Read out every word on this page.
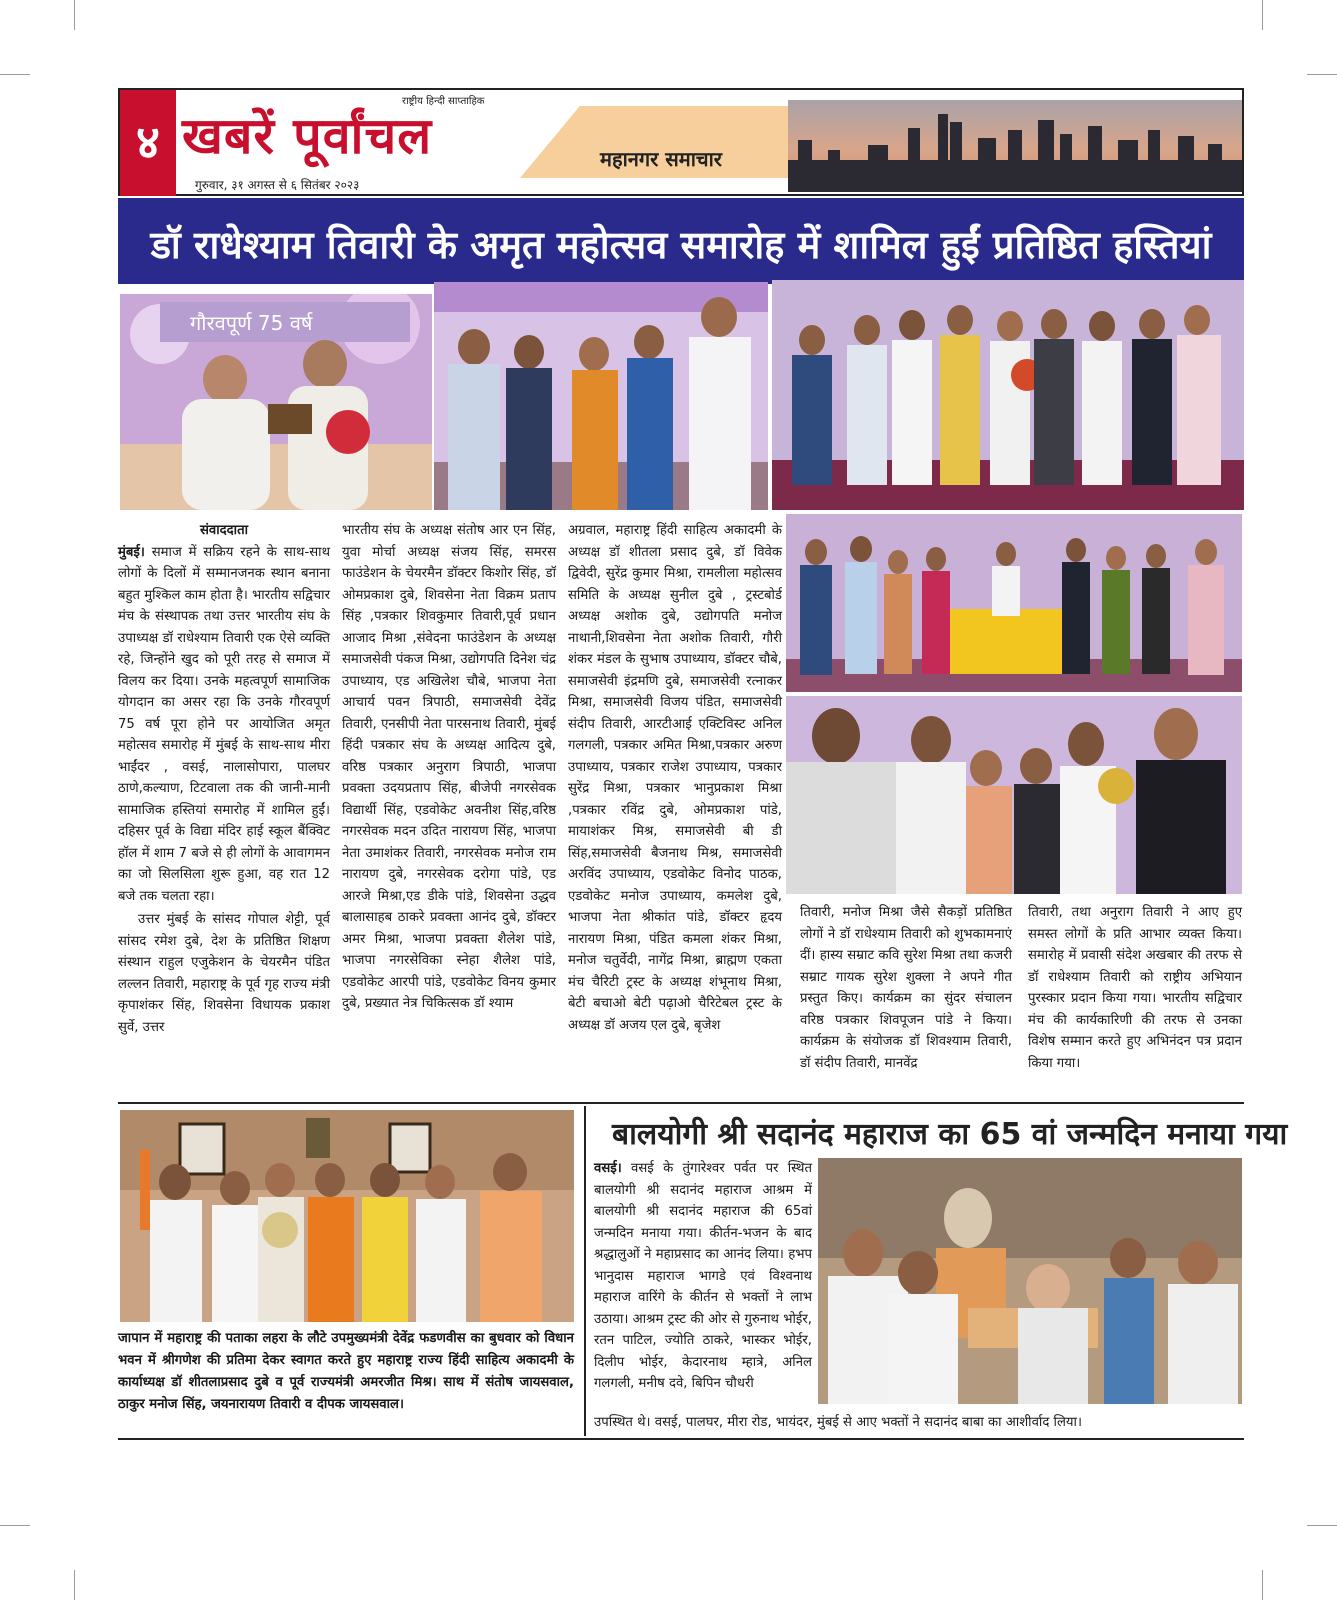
४
राष्ट्रीय हिन्दी साप्ताहिक
खबरें पूर्वांचल
गुरुवार, ३१ अगस्त से ६ सितंबर २०२३
महानगर समाचार
डॉ राधेश्याम तिवारी के अमृत महोत्सव समारोह में शामिल हुईं प्रतिष्ठित हस्तियां
गौरवपूर्ण 75 वर्ष
संवाददाता

मुंबई। समाज में सक्रिय रहने के साथ-साथ लोगों के दिलों में सम्मानजनक स्थान बनाना बहुत मुश्किल काम होता है। भारतीय सद्विचार मंच के संस्थापक तथा उत्तर भारतीय संघ के उपाध्यक्ष डॉ राधेश्याम तिवारी एक ऐसे व्यक्ति रहे, जिन्होंने खुद को पूरी तरह से समाज में विलय कर दिया। उनके महत्वपूर्ण सामाजिक योगदान का असर रहा कि उनके गौरवपूर्ण 75 वर्ष पूरा होने पर आयोजित अमृत महोत्सव समारोह में मुंबई के साथ-साथ मीरा भाईंदर , वसई, नालासोपारा, पालघर ठाणे,कल्याण, टिटवाला तक की जानी-मानी सामाजिक हस्तियां समारोह में शामिल हुईं। दहिसर पूर्व के विद्या मंदिर हाई स्कूल बैंक्विट हॉल में शाम 7 बजे से ही लोगों के आवागमन का जो सिलसिला शुरू हुआ, वह रात 12 बजे तक चलता रहा।

उत्तर मुंबई के सांसद गोपाल शेट्टी, पूर्व सांसद रमेश दुबे, देश के प्रतिष्ठित शिक्षण संस्थान राहुल एजुकेशन के चेयरमैन पंडित लल्लन तिवारी, महाराष्ट्र के पूर्व गृह राज्य मंत्री कृपाशंकर सिंह, शिवसेना विधायक प्रकाश सुर्वे, उत्तर

भारतीय संघ के अध्यक्ष संतोष आर एन सिंह, युवा मोर्चा अध्यक्ष संजय सिंह, समरस फाउंडेशन के चेयरमैन डॉक्टर किशोर सिंह, डॉ ओमप्रकाश दुबे, शिवसेना नेता विक्रम प्रताप सिंह ,पत्रकार शिवकुमार तिवारी,पूर्व प्रधान आजाद मिश्रा ,संवेदना फाउंडेशन के अध्यक्ष समाजसेवी पंकज मिश्रा, उद्योगपति दिनेश चंद्र उपाध्याय, एड अखिलेश चौबे, भाजपा नेता आचार्य पवन त्रिपाठी, समाजसेवी देवेंद्र तिवारी, एनसीपी नेता पारसनाथ तिवारी, मुंबई हिंदी पत्रकार संघ के अध्यक्ष आदित्य दुबे, वरिष्ठ पत्रकार अनुराग त्रिपाठी, भाजपा प्रवक्ता उदयप्रताप सिंह, बीजेपी नगरसेवक विद्यार्थी सिंह, एडवोकेट अवनीश सिंह,वरिष्ठ नगरसेवक मदन उदित नारायण सिंह, भाजपा नेता उमाशंकर तिवारी, नगरसेवक मनोज राम नारायण दुबे, नगरसेवक दरोगा पांडे, एड आरजे मिश्रा,एड डीके पांडे, शिवसेना उद्धव बालासाहब ठाकरे प्रवक्ता आनंद दुबे, डॉक्टर अमर मिश्रा, भाजपा प्रवक्ता शैलेश पांडे, भाजपा नगरसेविका स्नेहा शैलेश पांडे, एडवोकेट आरपी पांडे, एडवोकेट विनय कुमार दुबे, प्रख्यात नेत्र चिकित्सक डॉ श्याम

अग्रवाल, महाराष्ट्र हिंदी साहित्य अकादमी के अध्यक्ष डॉ शीतला प्रसाद दुबे, डॉ विवेक द्विवेदी, सुरेंद्र कुमार मिश्रा, रामलीला महोत्सव समिति के अध्यक्ष सुनील दुबे , ट्रस्टबोर्ड अध्यक्ष अशोक दुबे, उद्योगपति मनोज नाथानी,शिवसेना नेता अशोक तिवारी, गौरी शंकर मंडल के सुभाष उपाध्याय, डॉक्टर चौबे, समाजसेवी इंद्रमणि दुबे, समाजसेवी रत्नाकर मिश्रा, समाजसेवी विजय पंडित, समाजसेवी संदीप तिवारी, आरटीआई एक्टिविस्ट अनिल गलगली, पत्रकार अमित मिश्रा,पत्रकार अरुण उपाध्याय, पत्रकार राजेश उपाध्याय, पत्रकार सुरेंद्र मिश्रा, पत्रकार भानुप्रकाश मिश्रा ,पत्रकार रविंद्र दुबे, ओमप्रकाश पांडे, मायाशंकर मिश्र, समाजसेवी बी डी सिंह,समाजसेवी बैजनाथ मिश्र, समाजसेवी अरविंद उपाध्याय, एडवोकेट विनोद पाठक, एडवोकेट मनोज उपाध्याय, कमलेश दुबे, भाजपा नेता श्रीकांत पांडे, डॉक्टर हृदय नारायण मिश्रा, पंडित कमला शंकर मिश्रा, मनोज चतुर्वेदी, नागेंद्र मिश्रा, ब्राह्मण एकता मंच चैरिटी ट्रस्ट के अध्यक्ष शंभूनाथ मिश्रा, बेटी बचाओ बेटी पढ़ाओ चैरिटेबल ट्रस्ट के अध्यक्ष डॉ अजय एल दुबे, बृजेश

तिवारी, मनोज मिश्रा जैसे सैकड़ों प्रतिष्ठित लोगों ने डॉ राधेश्याम तिवारी को शुभकामनाएं दीं। हास्य सम्राट कवि सुरेश मिश्रा तथा कजरी सम्राट गायक सुरेश शुक्ला ने अपने गीत प्रस्तुत किए। कार्यक्रम का सुंदर संचालन वरिष्ठ पत्रकार शिवपूजन पांडे ने किया। कार्यक्रम के संयोजक डॉ शिवश्याम तिवारी, डॉ संदीप तिवारी, मानवेंद्र

तिवारी, तथा अनुराग तिवारी ने आए हुए समस्त लोगों के प्रति आभार व्यक्त किया।समारोह में प्रवासी संदेश अखबार की तरफ से डॉ राधेश्याम तिवारी को राष्ट्रीय अभियान पुरस्कार प्रदान किया गया। भारतीय सद्विचार मंच की कार्यकारिणी की तरफ से उनका विशेष सम्मान करते हुए अभिनंदन पत्र प्रदान किया गया।

जापान में महाराष्ट्र की पताका लहरा के लौटे उपमुख्यमंत्री देवेंद्र फडणवीस का बुधवार को विधान भवन में श्रीगणेश की प्रतिमा देकर स्वागत करते हुए महाराष्ट्र राज्य हिंदी साहित्य अकादमी के कार्याध्यक्ष डॉ शीतलाप्रसाद दुबे व पूर्व राज्यमंत्री अमरजीत मिश्र। साथ में संतोष जायसवाल, ठाकुर मनोज सिंह, जयनारायण तिवारी व दीपक जायसवाल।
बालयोगी श्री सदानंद महाराज का 65 वां जन्मदिन मनाया गया

वसई। वसई के तुंगारेश्वर पर्वत पर स्थित बालयोगी श्री सदानंद महाराज आश्रम में बालयोगी श्री सदानंद महाराज की 65वां जन्मदिन मनाया गया। कीर्तन-भजन के बाद श्रद्धालुओं ने महाप्रसाद का आनंद लिया। हभप भानुदास महाराज भागडे एवं विश्वनाथ महाराज वारिंगे के कीर्तन से भक्तों ने लाभ उठाया। आश्रम ट्रस्ट की ओर से गुरुनाथ भोईर, रतन पाटिल, ज्योति ठाकरे, भास्कर भोईर, दिलीप भोईर, केदारनाथ म्हात्रे, अनिल गलगली, मनीष दवे, बिपिन चौधरी

उपस्थित थे। वसई, पालघर, मीरा रोड, भायंदर, मुंबई से आए भक्तों ने सदानंद बाबा का आशीर्वाद लिया।
